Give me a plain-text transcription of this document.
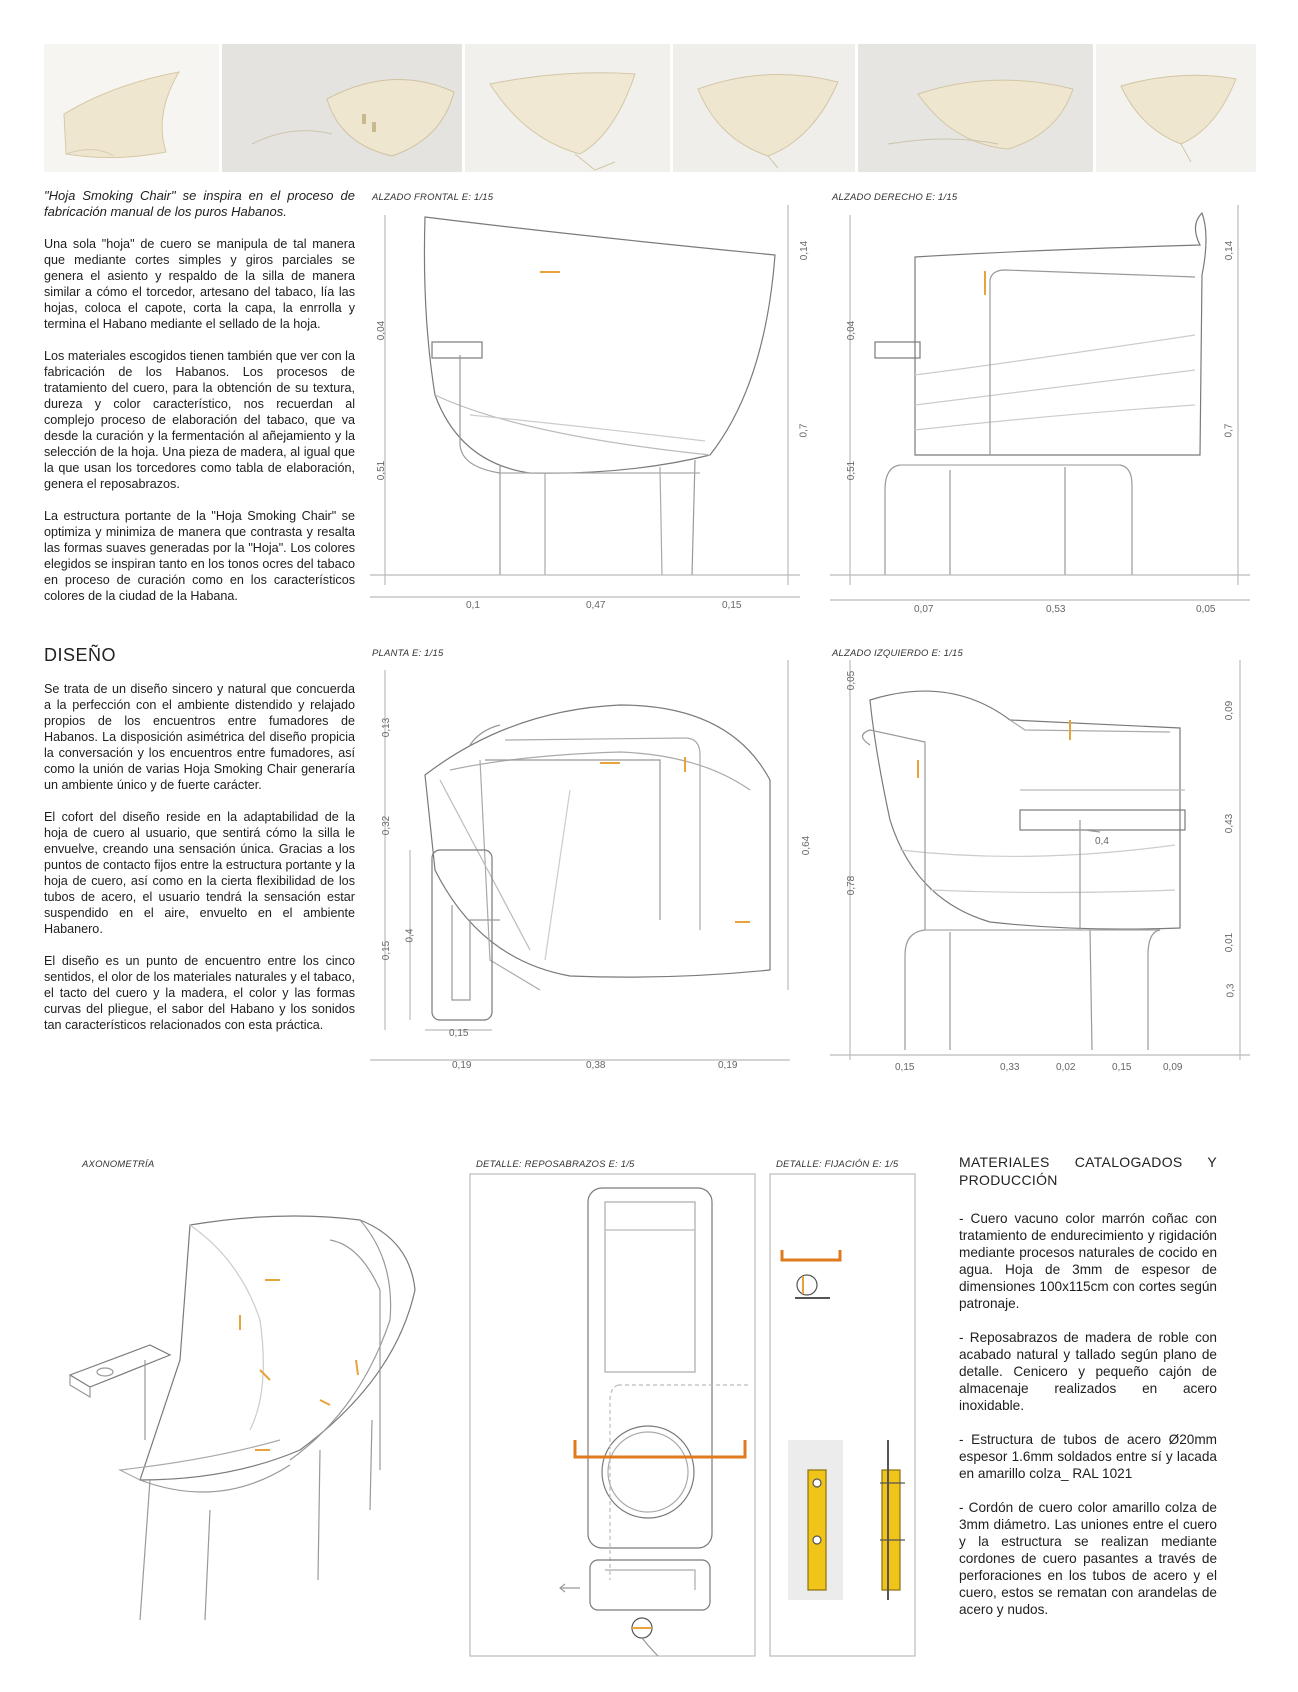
"Hoja Smoking Chair" se inspira en el proceso de fabricación manual de los puros Habanos.

Una sola "hoja" de cuero se manipula de tal manera que mediante cortes simples y giros parciales se genera el asiento y respaldo de la silla de manera similar a cómo el torcedor, artesano del tabaco, lía las hojas, coloca el capote, corta la capa, la enrrolla y termina el Habano mediante el sellado de la hoja.

Los materiales escogidos tienen también que ver con la fabricación de los Habanos. Los procesos de tratamiento del cuero, para la obtención de su textura, dureza y color característico, nos recuerdan al complejo proceso de elaboración del tabaco, que va desde la curación y la fermentación al añejamiento y la selección de la hoja. Una pieza de madera, al igual que la que usan los torcedores como tabla de elaboración, genera el reposabrazos.

La estructura portante de la "Hoja Smoking Chair" se optimiza y minimiza de manera que contrasta y resalta las formas suaves generadas por la "Hoja". Los colores elegidos se inspiran tanto en los tonos ocres del tabaco en proceso de curación como en los característicos colores de la ciudad de la Habana.

DISEÑO

Se trata de un diseño sincero y natural que concuerda a la perfección con el ambiente distendido y relajado propios de los encuentros entre fumadores de Habanos. La disposición asimétrica del diseño propicia la conversación y los encuentros entre fumadores, así como la unión de varias Hoja Smoking Chair generaría un ambiente único y de fuerte carácter.

El cofort del diseño reside en la adaptabilidad de la hoja de cuero al usuario, que sentirá cómo la silla le envuelve, creando una sensación única. Gracias a los puntos de contacto fijos entre la estructura portante y la hoja de cuero, así como en la cierta flexibilidad de los tubos de acero, el usuario tendrá la sensación estar suspendido en el aire, envuelto en el ambiente Habanero.

El diseño es un punto de encuentro entre los cinco sentidos, el olor de los materiales naturales y el tabaco, el tacto del cuero y la madera, el color y las formas curvas del pliegue, el sabor del Habano y los sonidos tan característicos relacionados con esta práctica.

ALZADO FRONTAL E: 1/15
0,04
0,51
0,14
0,7
0,1	0,47	0,15
ALZADO DERECHO E: 1/15
0,04
0,51
0,14
0,7
0,07	0,53	0,05
PLANTA E: 1/15
0,13
0,32
0,15
0,4
0,64
0,15
0,19	0,38	0,19
ALZADO IZQUIERDO E: 1/15
0,05
0,78
0,09
0,43
0,01
0,3
0,4
0,15	0,33	0,02	0,15	0,09
AXONOMETRÍA	DETALLE: REPOSABRAZOS E: 1/5	DETALLE: FIJACIÓN E: 1/5	MATERIALES CATALOGADOS Y PRODUCCIÓN

- Cuero vacuno color marrón coñac con tratamiento de endurecimiento y rigidación mediante procesos naturales de cocido en agua. Hoja de 3mm de espesor de dimensiones 100x115cm con cortes según patronaje.

- Reposabrazos de madera de roble con acabado natural y tallado según plano de detalle. Cenicero y pequeño cajón de almacenaje realizados en acero inoxidable.

- Estructura de tubos de acero Ø20mm espesor 1.6mm soldados entre sí y lacada en amarillo colza_ RAL 1021

- Cordón de cuero color amarillo colza de 3mm diámetro. Las uniones entre el cuero y la estructura se realizan mediante cordones de cuero pasantes a través de perforaciones en los tubos de acero y el cuero, estos se rematan con arandelas de acero y nudos.
